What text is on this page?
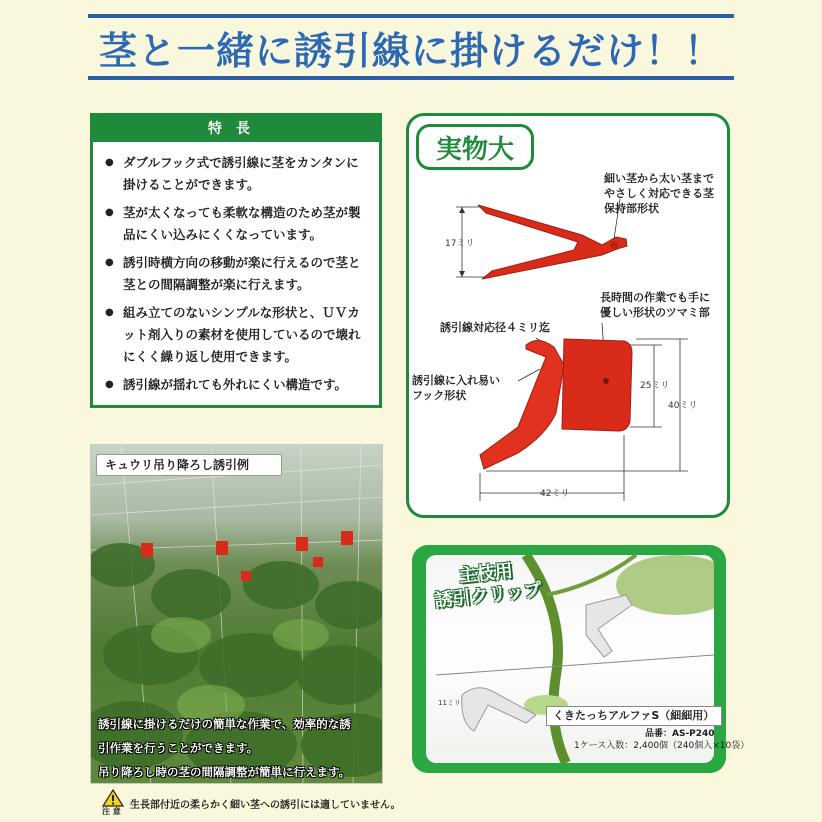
茎と一緒に誘引線に掛けるだけ！！
特長
● ダブルフック式で誘引線に茎をカンタンに掛けることができます。
● 茎が太くなっても柔軟な構造のため茎が製品にくい込みにくくなっています。
● 誘引時横方向の移動が楽に行えるので茎と茎との間隔調整が楽に行えます。
● 組み立てのないシンプルな形状と、ＵＶカット剤入りの素材を使用しているので壊れにくく繰り返し使用できます。
● 誘引線が揺れても外れにくい構造です。
実物大
細い茎から太い茎まで
やさしく対応できる茎
保持部形状
17ミリ
長時間の作業でも手に
優しい形状のツマミ部
誘引線対応径４ミリ迄
誘引線に入れ易い
フック形状
25ミリ
40ミリ
42ミリ
キュウリ吊り降ろし誘引例
誘引線に掛けるだけの簡単な作業で、効率的な誘
引作業を行うことができます。
吊り降ろし時の茎の間隔調整が簡単に行えます。
11ミリ
主枝用
誘引クリップ
くきたっちアルファS（細細用）
品番：AS-P240
1ケース入数：2,400個（240個入×10袋）
注 意
生長部付近の柔らかく細い茎への誘引には適していません。
